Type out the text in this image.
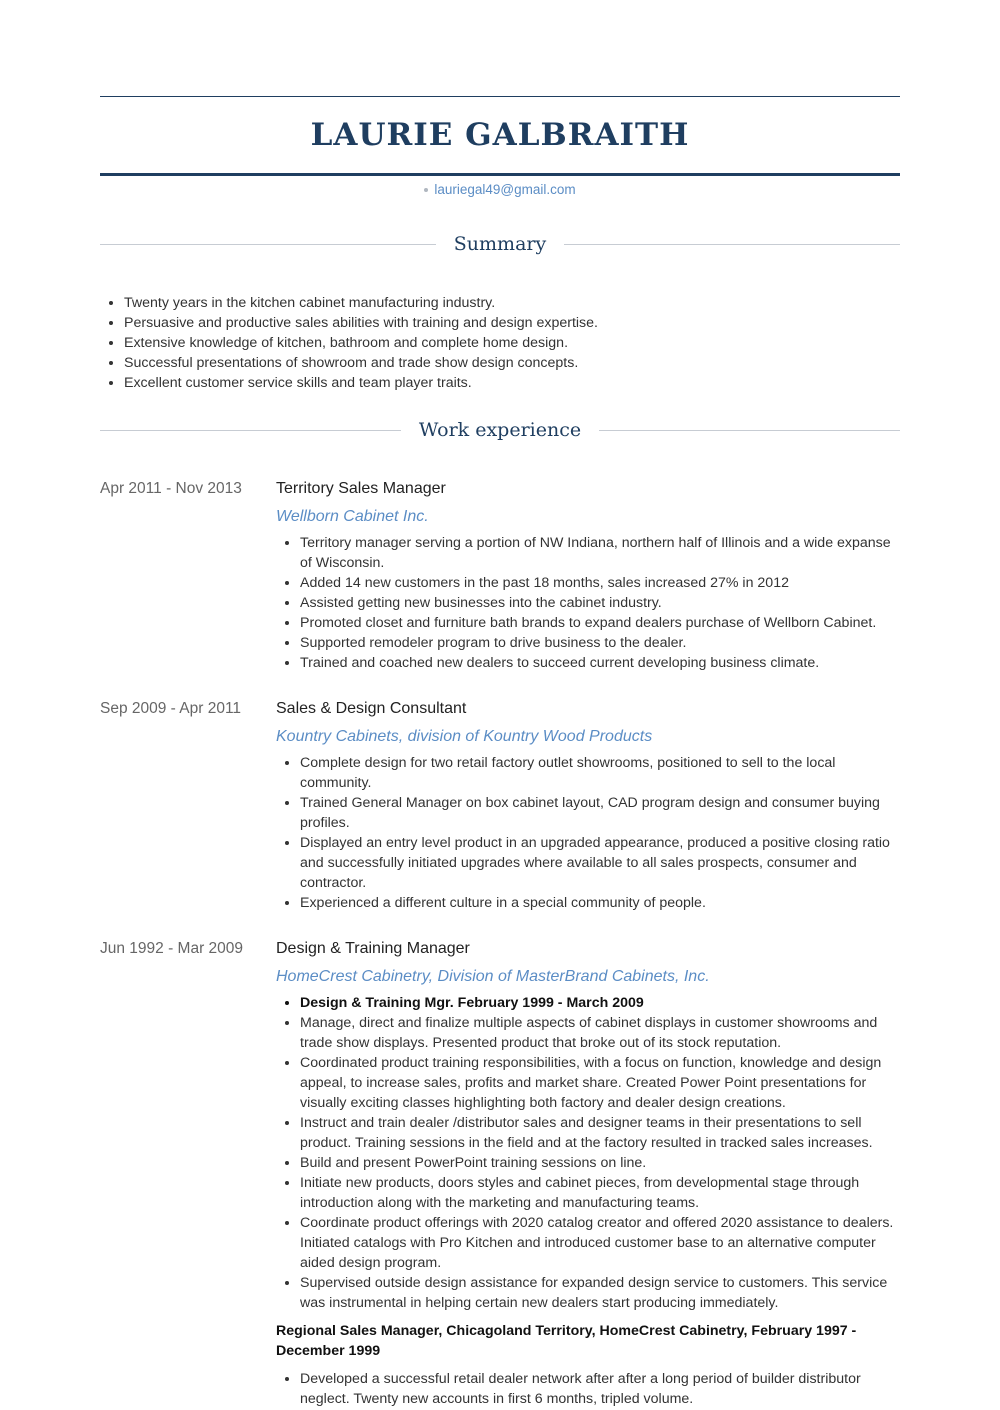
LAURIE GALBRAITH
lauriegal49@gmail.com
Summary
• Twenty years in the kitchen cabinet manufacturing industry.
• Persuasive and productive sales abilities with training and design expertise.
• Extensive knowledge of kitchen, bathroom and complete home design.
• Successful presentations of showroom and trade show design concepts.
• Excellent customer service skills and team player traits.
Work experience
Apr 2011 - Nov 2013	Territory Sales Manager
Wellborn Cabinet Inc.
• Territory manager serving a portion of NW Indiana, northern half of Illinois and a wide expanse of Wisconsin.
• Added 14 new customers in the past 18 months, sales increased 27% in 2012
• Assisted getting new businesses into the cabinet industry.
• Promoted closet and furniture bath brands to expand dealers purchase of Wellborn Cabinet.
• Supported remodeler program to drive business to the dealer.
• Trained and coached new dealers to succeed current developing business climate.
Sep 2009 - Apr 2011	Sales & Design Consultant
Kountry Cabinets, division of Kountry Wood Products
• Complete design for two retail factory outlet showrooms, positioned to sell to the local community.
• Trained General Manager on box cabinet layout, CAD program design and consumer buying profiles.
• Displayed an entry level product in an upgraded appearance, produced a positive closing ratio and successfully initiated upgrades where available to all sales prospects, consumer and contractor.
• Experienced a different culture in a special community of people.
Jun 1992 - Mar 2009	Design & Training Manager
HomeCrest Cabinetry, Division of MasterBrand Cabinets, Inc.
• Design & Training Mgr. February 1999 - March 2009
• Manage, direct and finalize multiple aspects of cabinet displays in customer showrooms and trade show displays. Presented product that broke out of its stock reputation.
• Coordinated product training responsibilities, with a focus on function, knowledge and design appeal, to increase sales, profits and market share. Created Power Point presentations for visually exciting classes highlighting both factory and dealer design creations.
• Instruct and train dealer /distributor sales and designer teams in their presentations to sell product. Training sessions in the field and at the factory resulted in tracked sales increases.
• Build and present PowerPoint training sessions on line.
• Initiate new products, doors styles and cabinet pieces, from developmental stage through introduction along with the marketing and manufacturing teams.
• Coordinate product offerings with 2020 catalog creator and offered 2020 assistance to dealers. Initiated catalogs with Pro Kitchen and introduced customer base to an alternative computer aided design program.
• Supervised outside design assistance for expanded design service to customers. This service was instrumental in helping certain new dealers start producing immediately.
Regional Sales Manager, Chicagoland Territory, HomeCrest Cabinetry, February 1997 - December 1999
• Developed a successful retail dealer network after after a long period of builder distributor neglect. Twenty new accounts in first 6 months, tripled volume.
